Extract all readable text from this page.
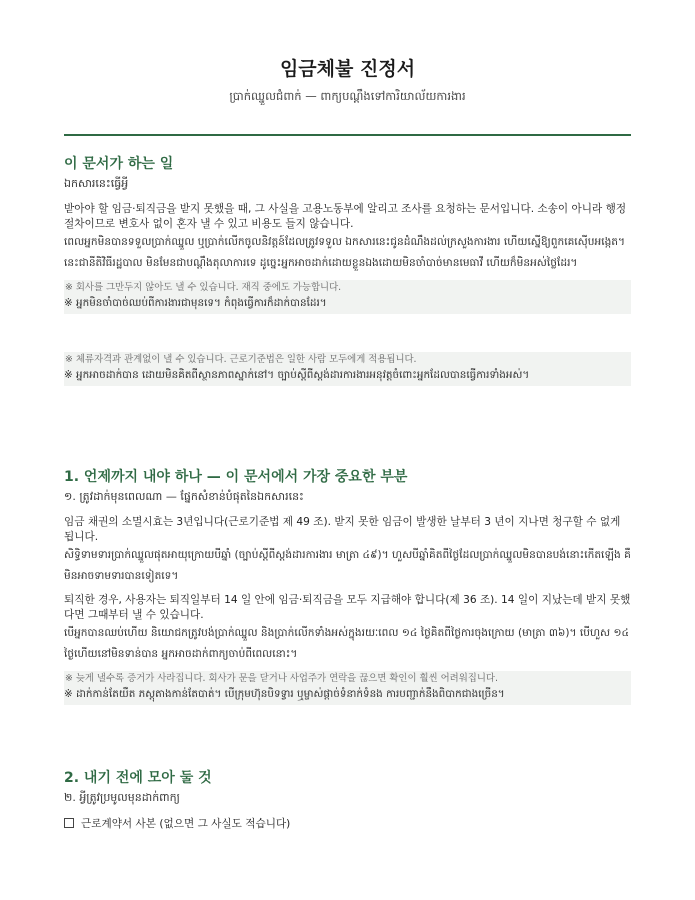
임금체불 진정서
ប្រាក់ឈ្នួលជំពាក់ — ពាក្យបណ្ដឹងទៅការិយាល័យការងារ
이 문서가 하는 일
ឯកសារនេះធ្វើអ្វី
받아야 할 임금·퇴직금을 받지 못했을 때, 그 사실을 고용노동부에 알리고 조사를 요청하는 문서입니다. 소송이 아니라 행정 절차이므로 변호사 없이 혼자 낼 수 있고 비용도 들지 않습니다.
ពេលអ្នកមិនបានទទួលប្រាក់ឈ្នួល ឬប្រាក់លើកចូលនិវត្តន៍ដែលត្រូវទទួល ឯកសារនេះជូនដំណឹងដល់ក្រសួងការងារ ហើយស្នើឱ្យពួកគេស៊ើបអង្កេត។ នេះជានីតិវិធីរដ្ឋបាល មិនមែនជាបណ្ដឹងតុលាការទេ ដូច្នេះអ្នកអាចដាក់ដោយខ្លួនឯងដោយមិនចាំបាច់មានមេធាវី ហើយក៏មិនអស់ថ្លៃដែរ។
※ 회사를 그만두지 않아도 낼 수 있습니다. 재직 중에도 가능합니다.
※ អ្នកមិនចាំបាច់ឈប់ពីការងារជាមុនទេ។ កំពុងធ្វើការក៏ដាក់បានដែរ។
※ 체류자격과 관계없이 낼 수 있습니다. 근로기준법은 일한 사람 모두에게 적용됩니다.
※ អ្នកអាចដាក់បាន ដោយមិនគិតពីស្ថានភាពស្នាក់នៅ។ ច្បាប់ស្ដីពីស្តង់ដារការងារអនុវត្តចំពោះអ្នកដែលបានធ្វើការទាំងអស់។
1. 언제까지 내야 하나 — 이 문서에서 가장 중요한 부분
១. ត្រូវដាក់មុនពេលណា — ផ្នែកសំខាន់បំផុតនៃឯកសារនេះ
임금 채권의 소멸시효는 3년입니다(근로기준법 제 49 조). 받지 못한 임금이 발생한 날부터 3 년이 지나면 청구할 수 없게 됩니다.
សិទ្ធិទាមទារប្រាក់ឈ្នួលផុតអាយុក្រោយបីឆ្នាំ (ច្បាប់ស្ដីពីស្តង់ដារការងារ មាត្រា ៤៩)។ ហួសបីឆ្នាំគិតពីថ្ងៃដែលប្រាក់ឈ្នួលមិនបានបង់នោះកើតឡើង គឺមិនអាចទាមទារបានទៀតទេ។
퇴직한 경우, 사용자는 퇴직일부터 14 일 안에 임금·퇴직금을 모두 지급해야 합니다(제 36 조). 14 일이 지났는데 받지 못했다면 그때부터 낼 수 있습니다.
បើអ្នកបានឈប់ហើយ និយោជកត្រូវបង់ប្រាក់ឈ្នួល និងប្រាក់លើកទាំងអស់ក្នុងរយៈពេល ១៤ ថ្ងៃគិតពីថ្ងៃការចុងក្រោយ (មាត្រា ៣៦)។ បើហួស ១៤ ថ្ងៃហើយនៅមិនទាន់បាន អ្នកអាចដាក់ពាក្យចាប់ពីពេលនោះ។
※ 늦게 낼수록 증거가 사라집니다. 회사가 문을 닫거나 사업주가 연락을 끊으면 확인이 훨씬 어려워집니다.
※ ដាក់កាន់តែយឺត ភស្តុតាងកាន់តែបាត់។ បើក្រុមហ៊ុនបិទទ្វារ ឬម្ចាស់ផ្ដាច់ទំនាក់ទំនង ការបញ្ជាក់នឹងពិបាកជាងច្រើន។
2. 내기 전에 모아 둘 것
២. អ្វីត្រូវប្រមូលមុនដាក់ពាក្យ
근로계약서 사본 (없으면 그 사실도 적습니다)
